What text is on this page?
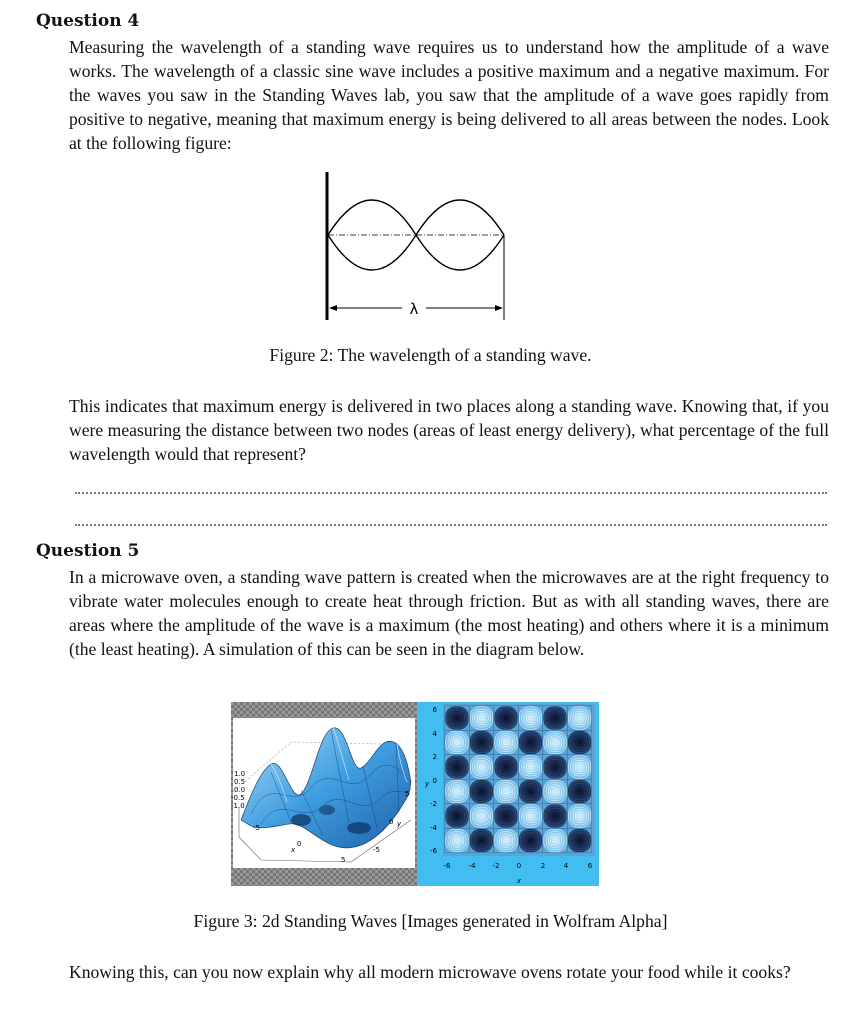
Question 4
Measuring the wavelength of a standing wave requires us to understand how the amplitude of a wave works. The wavelength of a classic sine wave includes a positive maximum and a negative maximum. For the waves you saw in the Standing Waves lab, you saw that the amplitude of a wave goes rapidly from positive to negative, meaning that maximum energy is being delivered to all areas between the nodes. Look at the following figure:
λ
Figure 2: The wavelength of a standing wave.
This indicates that maximum energy is delivered in two places along a standing wave. Knowing that, if you were measuring the distance between two nodes (areas of least energy delivery), what percentage of the full wavelength would that represent?
Question 5
In a microwave oven, a standing wave pattern is created when the microwaves are at the right frequency to vibrate water molecules enough to create heat through friction. But as with all standing waves, there are areas where the amplitude of the wave is a maximum (the most heating) and others where it is a minimum (the least heating). A simulation of this can be seen in the diagram below.
1.0
0.5
0.0
-0.5
-1.0
-5
0
5
x
5
0
-5
y
6
4
2
0
-2
-4
-6
y
-6	-4 -2 0	2	4	6
x
Figure 3: 2d Standing Waves [Images generated in Wolfram Alpha]
Knowing this, can you now explain why all modern microwave ovens rotate your food while it cooks?
